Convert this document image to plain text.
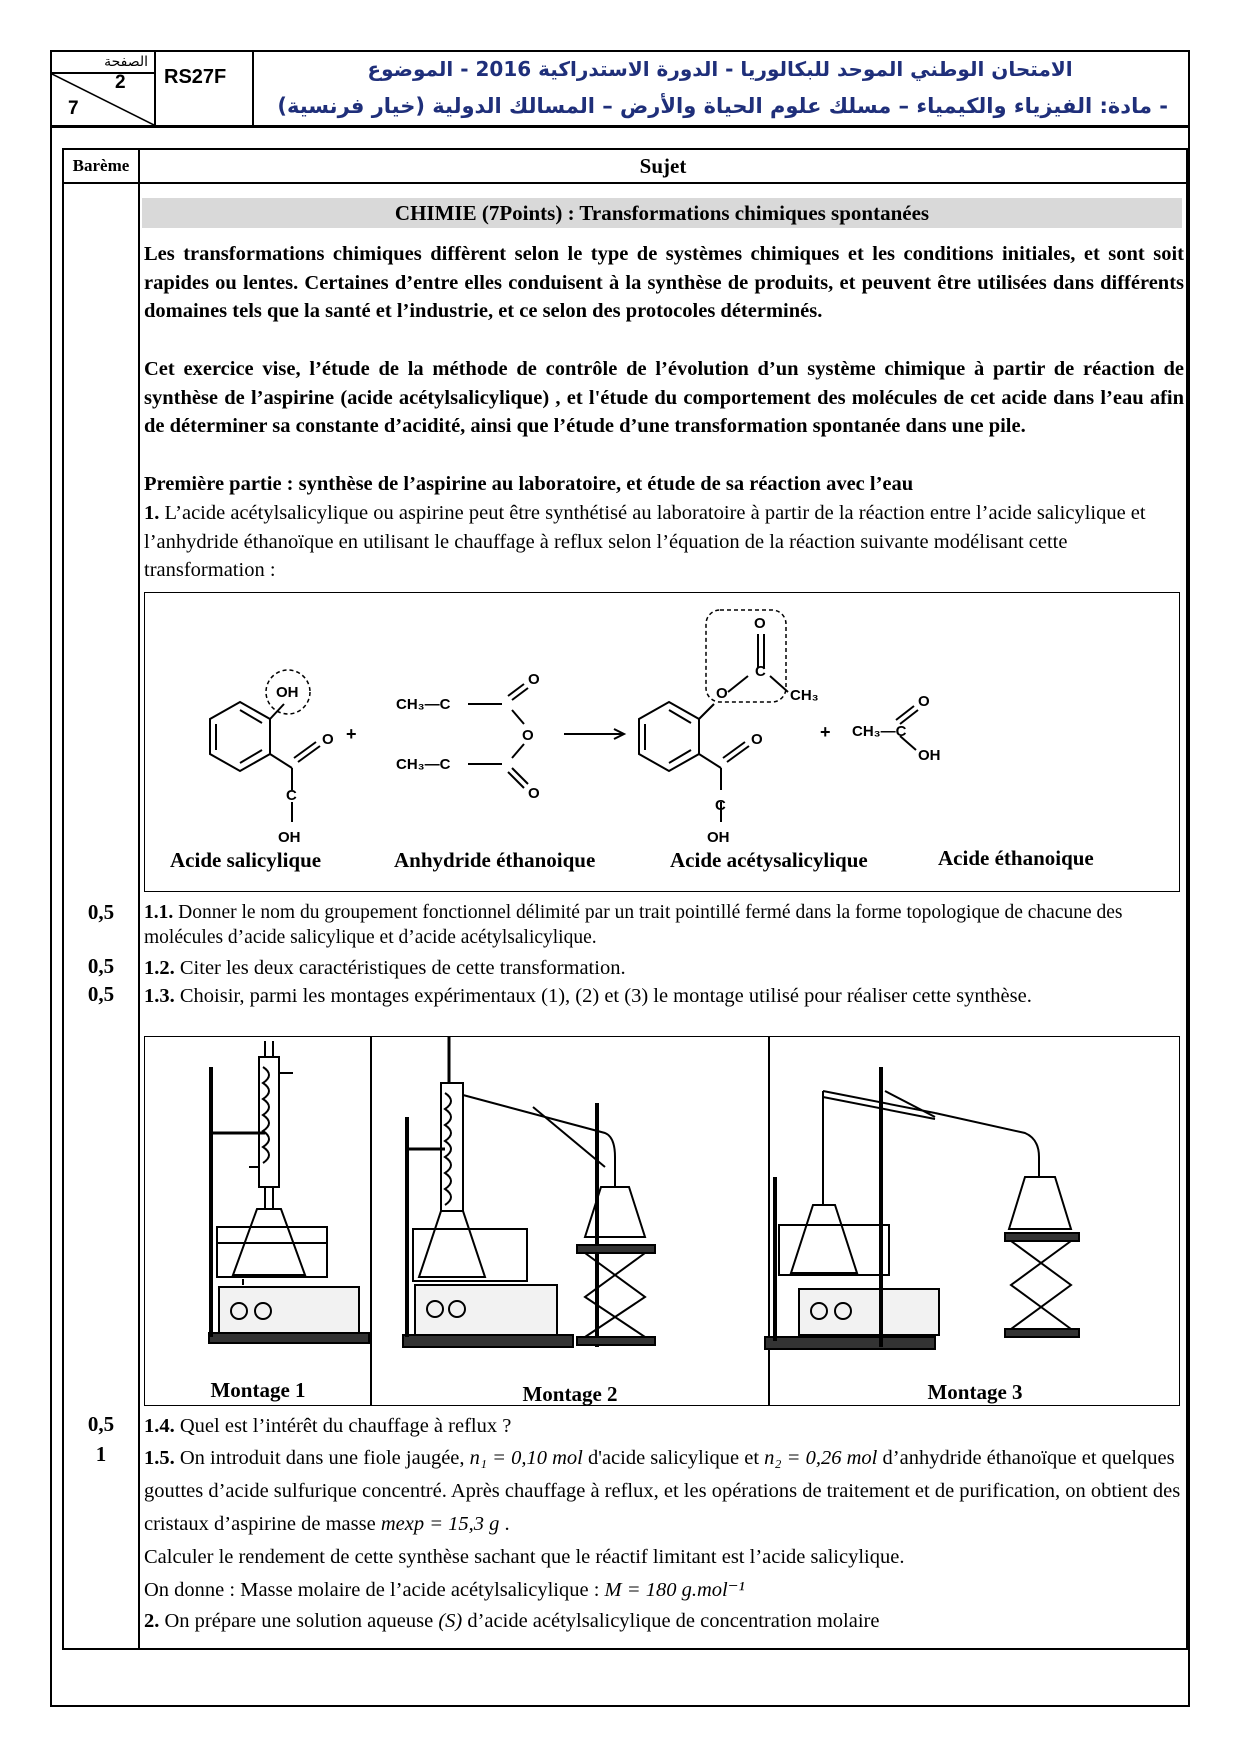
الصفحة
2
7
RS27F	الامتحان الوطني الموحد للبكالوريا - الدورة الاستدراكية 2016 - الموضوع
- مادة: الفيزياء والكيمياء – مسلك علوم الحياة والأرض – المسالك الدولية (خيار فرنسية)
Barème	Sujet
CHIMIE (7Points) : Transformations chimiques spontanées
Les transformations chimiques diffèrent selon le type de systèmes chimiques et les conditions initiales, et sont soit rapides ou lentes. Certaines d’entre elles conduisent à la synthèse de produits, et peuvent être utilisées dans différents domaines tels que la santé et l’industrie, et ce selon des protocoles déterminés.
Cet exercice vise, l’étude de la méthode de contrôle de l’évolution d’un système chimique à partir de réaction de synthèse de l’aspirine (acide acétylsalicylique) , et l'étude du comportement des molécules de cet acide dans l’eau afin de déterminer sa constante d’acidité, ainsi que l’étude d’une transformation spontanée dans une pile.
Première partie : synthèse de l’aspirine au laboratoire, et étude de sa réaction avec l’eau
1. L’acide acétylsalicylique ou aspirine peut être synthétisé au laboratoire à partir de la réaction entre l’acide salicylique et l’anhydride éthanoïque en utilisant le chauffage à reflux selon l’équation de la réaction suivante modélisant cette transformation :
OH
C
O
OH
+
CH₃—C
O
O
CH₃—C
O
C
O
OH
O
C
O
CH₃
+ CH₃—C
O
OH
Acide salicylique	Anhydride éthanoique	Acide acétysalicylique	Acide éthanoique
0,5	1.1. Donner le nom du groupement fonctionnel délimité par un trait pointillé fermé dans la forme topologique de chacune des molécules d’acide salicylique et d’acide acétylsalicylique.
0,5	1.2. Citer les deux caractéristiques de cette transformation.
0,5	1.3. Choisir, parmi les montages expérimentaux (1), (2) et (3) le montage utilisé pour réaliser cette synthèse.
Montage 1	Montage 2	Montage 3
0,5	1.4. Quel est l’intérêt du chauffage à reflux ?
1	1.5. On introduit dans une fiole jaugée, n₁ = 0,10 mol d'acide salicylique et n₂ = 0,26 mol d’anhydride éthanoïque et quelques gouttes d’acide sulfurique concentré. Après chauffage à reflux, et les opérations de traitement et de purification, on obtient des cristaux d’aspirine de masse mexp = 15,3 g .
Calculer le rendement de cette synthèse sachant que le réactif limitant est l’acide salicylique.
On donne : Masse molaire de l’acide acétylsalicylique : M = 180 g.mol⁻¹
2. On prépare une solution aqueuse (S) d’acide acétylsalicylique de concentration molaire
